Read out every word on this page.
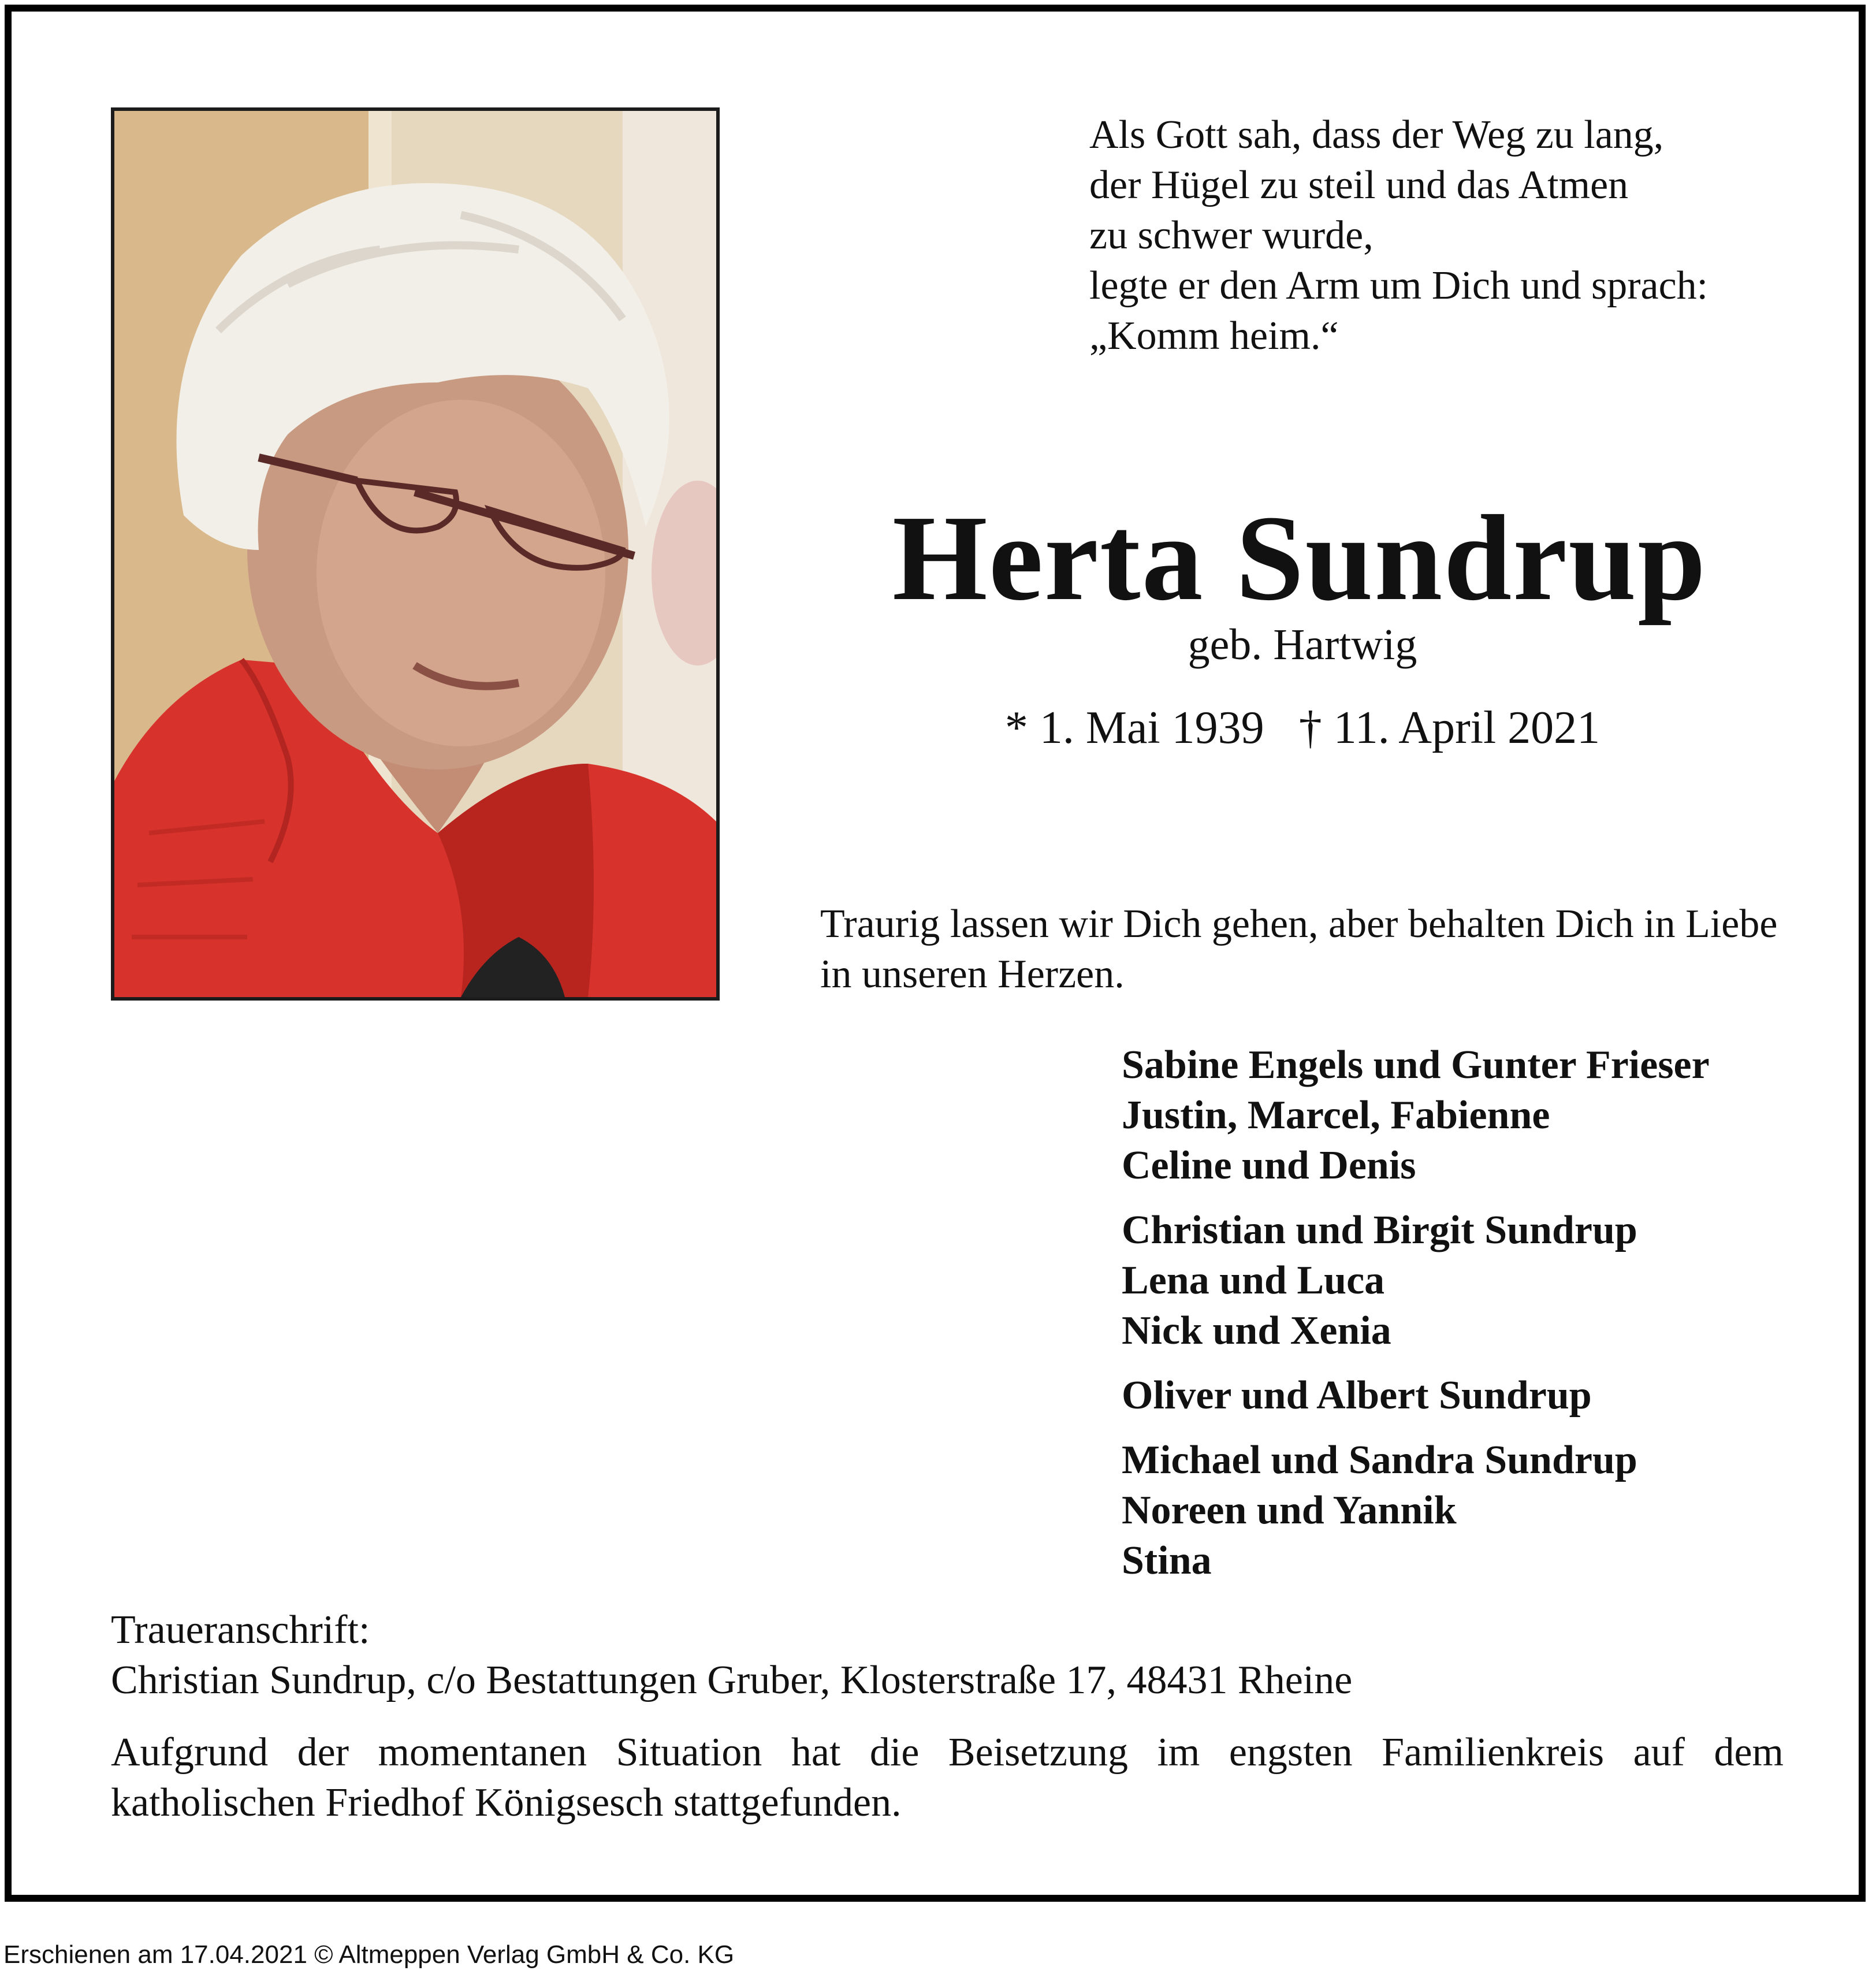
Als Gott sah, dass der Weg zu lang,
der Hügel zu steil und das Atmen
zu schwer wurde,
legte er den Arm um Dich und sprach:
„Komm heim.“
Herta Sundrup
geb. Hartwig
* 1. Mai 1939 † 11. April 2021
Traurig lassen wir Dich gehen, aber behalten Dich in Liebe in unseren Herzen.
Sabine Engels und Gunter Frieser
Justin, Marcel, Fabienne
Celine und Denis
Christian und Birgit Sundrup
Lena und Luca
Nick und Xenia
Oliver und Albert Sundrup
Michael und Sandra Sundrup
Noreen und Yannik
Stina
Traueranschrift:
Christian Sundrup, c/o Bestattungen Gruber, Klosterstraße 17, 48431 Rheine
Aufgrund der momentanen Situation hat die Beisetzung im engsten Familienkreis auf dem katholischen Friedhof Königsesch stattgefunden.
Erschienen am 17.04.2021 © Altmeppen Verlag GmbH & Co. KG
